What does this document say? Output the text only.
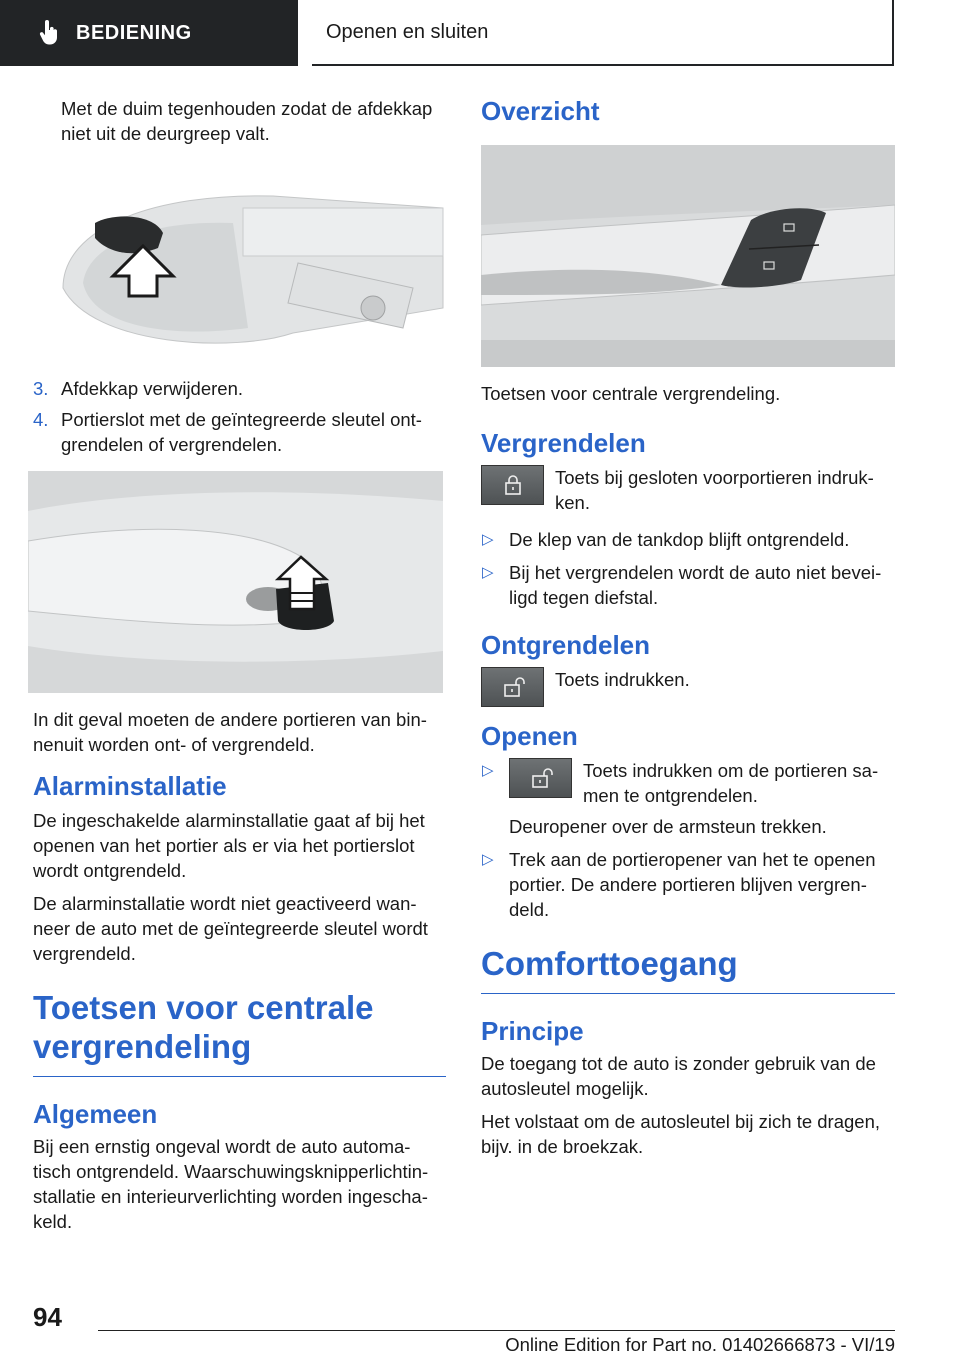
BEDIENING	Openen en sluiten

Met de duim tegenhouden zodat de afdekkap niet uit de deurgreep valt.

3. Afdekkap verwijderen.
4. Portierslot met de geïntegreerde sleutel ont-grendelen of vergrendelen.

In dit geval moeten de andere portieren van bin-nenuit worden ont- of vergrendeld.

Alarminstallatie

De ingeschakelde alarminstallatie gaat af bij het openen van het portier als er via het portierslot wordt ontgrendeld.

De alarminstallatie wordt niet geactiveerd wan-neer de auto met de geïntegreerde sleutel wordt vergrendeld.

Toetsen voor centrale vergrendeling
Algemeen

Bij een ernstig ongeval wordt de auto automa-tisch ontgrendeld. Waarschuwingsknipperlichtin-stallatie en interieurverlichting worden ingescha-keld.

Overzicht

Toetsen voor centrale vergrendeling.

Vergrendelen
Toets bij gesloten voorportieren indruk-ken.
▷ De klep van de tankdop blijft ontgrendeld.
▷ Bij het vergrendelen wordt de auto niet bevei-ligd tegen diefstal.
Ontgrendelen
Toets indrukken.
Openen
▷	Toets indrukken om de portieren sa-men te ontgrendelen.
Deuropener over de armsteun trekken.
▷ Trek aan de portieropener van het te openen portier. De andere portieren blijven vergren-deld.
Comforttoegang
Principe

De toegang tot de auto is zonder gebruik van de autosleutel mogelijk.

Het volstaat om de autosleutel bij zich te dragen, bijv. in de broekzak.

94
Online Edition for Part no. 01402666873 - VI/19
